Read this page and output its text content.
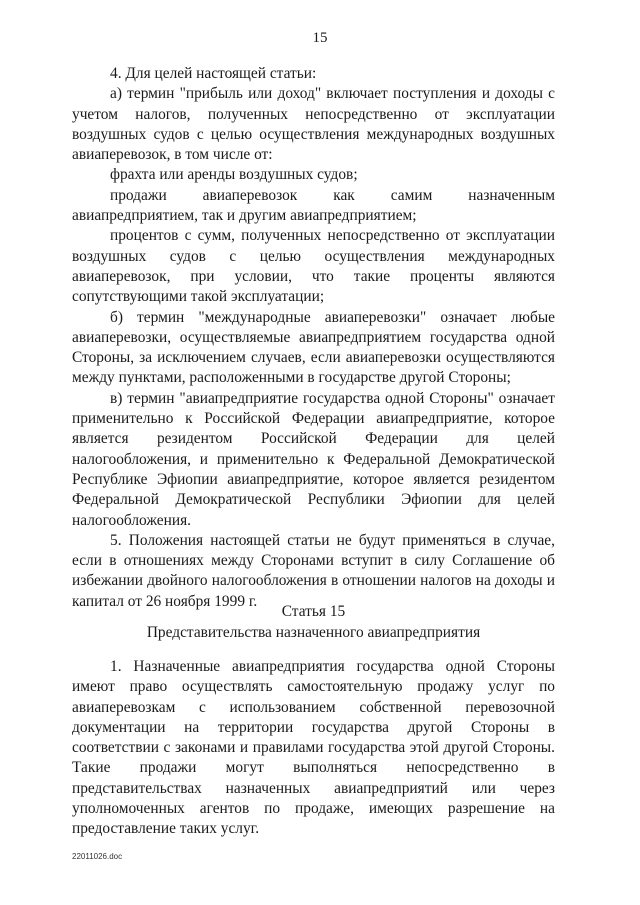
15

4. Для целей настоящей статьи:

а) термин "прибыль или доход" включает поступления и доходы с учетом налогов, полученных непосредственно от эксплуатации воздушных судов с целью осуществления международных воздушных авиаперевозок, в том числе от:

фрахта или аренды воздушных судов;

продажи авиаперевозок как самим назначенным авиапредприятием, так и другим авиапредприятием;

процентов с сумм, полученных непосредственно от эксплуатации воздушных судов с целью осуществления международных авиаперевозок, при условии, что такие проценты являются сопутствующими такой эксплуатации;

б) термин "международные авиаперевозки" означает любые авиаперевозки, осуществляемые авиапредприятием государства одной Стороны, за исключением случаев, если авиаперевозки осуществляются между пунктами, расположенными в государстве другой Стороны;

в) термин "авиапредприятие государства одной Стороны" означает применительно к Российской Федерации авиапредприятие, которое является резидентом Российской Федерации для целей налогообложения, и применительно к Федеральной Демократической Республике Эфиопии авиапредприятие, которое является резидентом Федеральной Демократической Республики Эфиопии для целей налогообложения.

5. Положения настоящей статьи не будут применяться в случае, если в отношениях между Сторонами вступит в силу Соглашение об избежании двойного налогообложения в отношении налогов на доходы и капитал от 26 ноября 1999 г.

Статья 15
Представительства назначенного авиапредприятия

1. Назначенные авиапредприятия государства одной Стороны имеют право осуществлять самостоятельную продажу услуг по авиаперевозкам с использованием собственной перевозочной документации на территории государства другой Стороны в соответствии с законами и правилами государства этой другой Стороны. Такие продажи могут выполняться непосредственно в представительствах назначенных авиапредприятий или через уполномоченных агентов по продаже, имеющих разрешение на предоставление таких услуг.

22011026.doc
